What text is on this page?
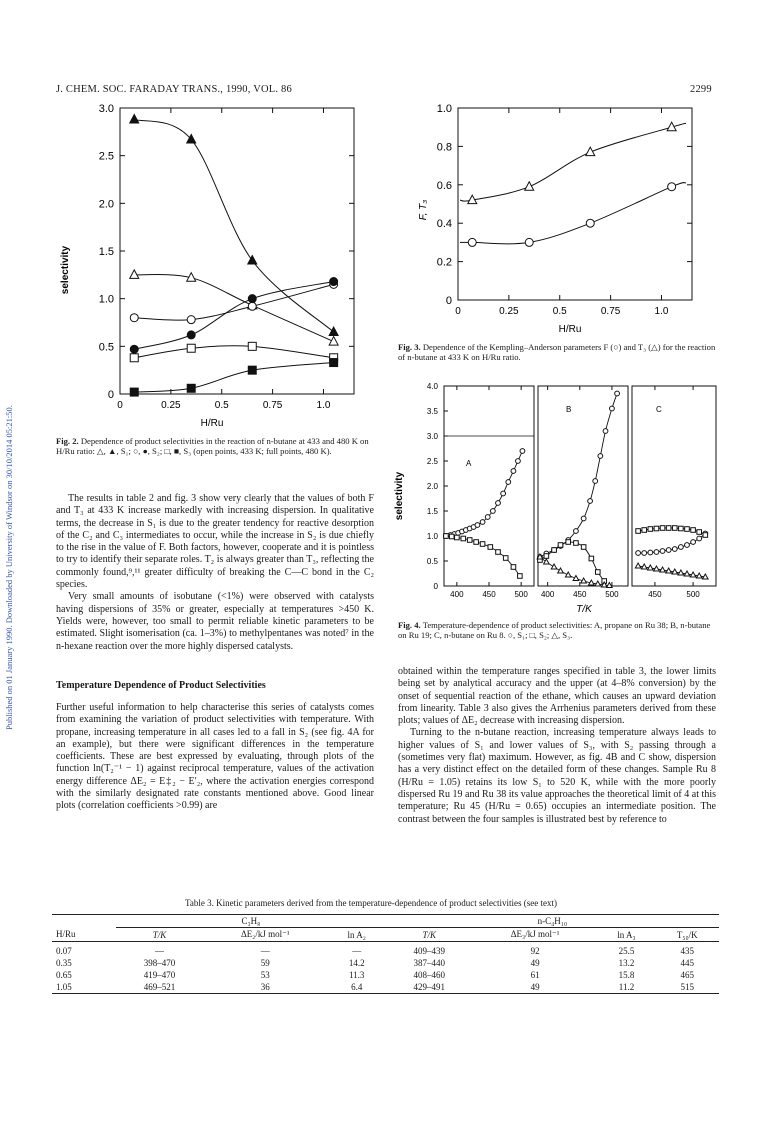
J. CHEM. SOC. FARADAY TRANS., 1990, VOL. 86	2299
Published on 01 January 1990. Downloaded by University of Windsor on 30/10/2014 05:21:50.
0
0.5
1.0
1.5
2.0
2.5
3.0
0	0.25	0.5	0.75	1.0
selectivity
H/Ru
Fig. 2. Dependence of product selectivities in the reaction of n-butane at 433 and 480 K on H/Ru ratio: △, ▲, S₁; ○, ●, S₂; □, ■, S₃ (open points, 433 K; full points, 480 K).
0
0.2
0.4
0.6
0.8
1.0
0	0.25	0.5	0.75	1.0
F, T₃
H/Ru
Fig. 3. Dependence of the Kempling–Anderson parameters F (○) and T₃ (△) for the reaction of n-butane at 433 K on H/Ru ratio.
0
0.5
1.0
1.5
2.0
2.5
3.0
3.5
4.0
400 450 500
A
400 450 500
B
450	500
C
selectivity
T/K
Fig. 4. Temperature-dependence of product selectivities: A, propane on Ru 38; B, n-butane on Ru 19; C, n-butane on Ru 8. ○, S₁; □, S₂; △, S₃.

The results in table 2 and fig. 3 show very clearly that the values of both F and T₃ at 433 K increase markedly with increasing dispersion. In qualitative terms, the decrease in S₁ is due to the greater tendency for reactive desorption of the C₂ and C₃ intermediates to occur, while the increase in S₂ is due chiefly to the rise in the value of F. Both factors, however, cooperate and it is pointless to try to identify their separate roles. T₂ is always greater than T₃, reflecting the commonly found,⁹,¹¹ greater difficulty of breaking the C—C bond in the C₂ species.

Very small amounts of isobutane (<1%) were observed with catalysts having dispersions of 35% or greater, especially at temperatures >450 K. Yields were, however, too small to permit reliable kinetic parameters to be estimated. Slight isomerisation (ca. 1–3%) to methylpentanes was noted⁷ in the n-hexane reaction over the more highly dispersed catalysts.

Temperature Dependence of Product Selectivities

Further useful information to help characterise this series of catalysts comes from examining the variation of product selectivities with temperature. With propane, increasing temperature in all cases led to a fall in S₂ (see fig. 4A for an example), but there were significant differences in the temperature coefficients. These are best expressed by evaluating, through plots of the function ln(T₂⁻¹ − 1) against reciprocal temperature, values of the activation energy difference ΔE₂ = E‡₂ − E′₂, where the activation energies correspond with the similarly designated rate constants mentioned above. Good linear plots (correlation coefficients >0.99) are

obtained within the temperature ranges specified in table 3, the lower limits being set by analytical accuracy and the upper (at 4–8% conversion) by the onset of sequential reaction of the ethane, which causes an upward deviation from linearity. Table 3 also gives the Arrhenius parameters derived from these plots; values of ΔE₂ decrease with increasing dispersion.

Turning to the n-butane reaction, increasing temperature always leads to higher values of S₁ and lower values of S₃, with S₂ passing through a (sometimes very flat) maximum. However, as fig. 4B and C show, dispersion has a very distinct effect on the detailed form of these changes. Sample Ru 8 (H/Ru = 1.05) retains its low S₁ to 520 K, while with the more poorly dispersed Ru 19 and Ru 38 its value approaches the theoretical limit of 4 at this temperature; Ru 45 (H/Ru = 0.65) occupies an intermediate position. The contrast between the four samples is illustrated best by reference to

Table 3. Kinetic parameters derived from the temperature-dependence of product selectivities (see text)
	C₃H₈			n-C₄H₁₀			
H/Ru	T/K	ΔE₂/kJ mol⁻¹	ln A₂	T/K	ΔE₃/kJ mol⁻¹	ln A₃	T₅₀/K
0.07	—	—	—	409–439	92	25.5	435
0.35	398–470	59	14.2	387–440	49	13.2	445
0.65	419–470	53	11.3	408–460	61	15.8	465
1.05	469–521	36	6.4	429–491	49	11.2	515
